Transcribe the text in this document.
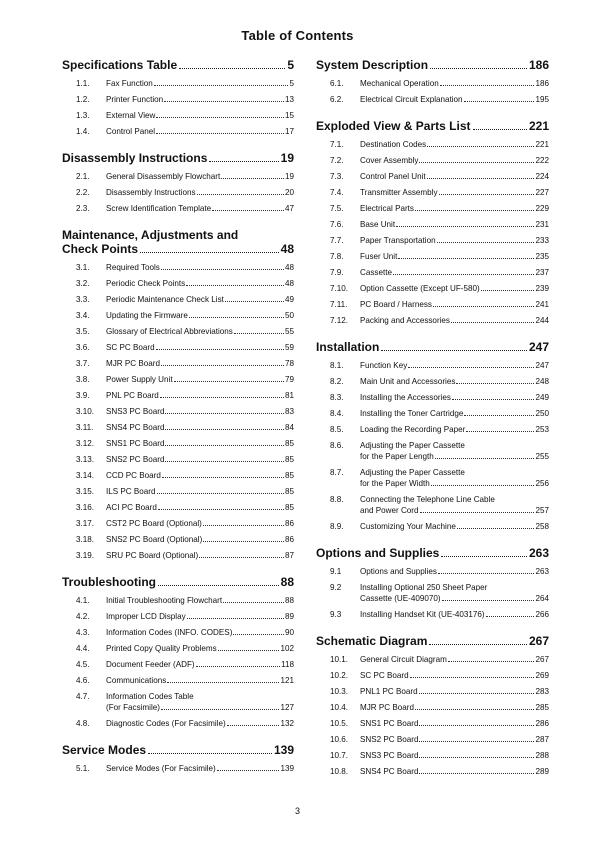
Table of Contents
Specifications Table	5
1.1.	Fax Function	5
1.2.	Printer Function	13
1.3.	External View	15
1.4.	Control Panel	17
Disassembly Instructions	19
2.1.	General Disassembly Flowchart	19
2.2.	Disassembly Instructions	20
2.3.	Screw Identification Template	47
Maintenance, Adjustments and
Check Points	48
3.1.	Required Tools	48
3.2.	Periodic Check Points	48
3.3.	Periodic Maintenance Check List	49
3.4.	Updating the Firmware	50
3.5.	Glossary of Electrical Abbreviations	55
3.6.	SC PC Board	59
3.7.	MJR PC Board	78
3.8.	Power Supply Unit	79
3.9.	PNL PC Board	81
3.10.	SNS3 PC Board	83
3.11.	SNS4 PC Board	84
3.12.	SNS1 PC Board	85
3.13.	SNS2 PC Board	85
3.14.	CCD PC Board	85
3.15.	ILS PC Board	85
3.16.	ACI PC Board	85
3.17.	CST2 PC Board (Optional)	86
3.18.	SNS2 PC Board (Optional)	86
3.19.	SRU PC Board (Optional)	87
Troubleshooting	88
4.1.	Initial Troubleshooting Flowchart	88
4.2.	Improper LCD Display	89
4.3.	Information Codes (INFO. CODES)	90
4.4.	Printed Copy Quality Problems	102
4.5.	Document Feeder (ADF)	118
4.6.	Communications	121
4.7.	Information Codes Table
(For Facsimile)	127
4.8.	Diagnostic Codes (For Facsimile)	132
Service Modes	139
5.1.	Service Modes (For Facsimile)	139
System Description	186
6.1.	Mechanical Operation	186
6.2.	Electrical Circuit Explanation	195
Exploded View & Parts List	221
7.1.	Destination Codes	221
7.2.	Cover Assembly	222
7.3.	Control Panel Unit	224
7.4.	Transmitter Assembly	227
7.5.	Electrical Parts	229
7.6.	Base Unit	231
7.7.	Paper Transportation	233
7.8.	Fuser Unit	235
7.9.	Cassette	237
7.10.	Option Cassette (Except UF-580)	239
7.11.	PC Board / Harness	241
7.12.	Packing and Accessories	244
Installation	247
8.1.	Function Key	247
8.2.	Main Unit and Accessories	248
8.3.	Installing the Accessories	249
8.4.	Installing the Toner Cartridge	250
8.5.	Loading the Recording Paper	253
8.6.	Adjusting the Paper Cassette
for the Paper Length	255
8.7.	Adjusting the Paper Cassette
for the Paper Width	256
8.8.	Connecting the Telephone Line Cable
and Power Cord	257
8.9.	Customizing Your Machine	258
Options and Supplies	263
9.1	Options and Supplies	263
9.2	Installing Optional 250 Sheet Paper
Cassette (UE-409070)	264
9.3	Installing Handset Kit (UE-403176)	266
Schematic Diagram	267
10.1.	General Circuit Diagram	267
10.2.	SC PC Board	269
10.3.	PNL1 PC Board	283
10.4.	MJR PC Board	285
10.5.	SNS1 PC Board	286
10.6.	SNS2 PC Board	287
10.7.	SNS3 PC Board	288
10.8.	SNS4 PC Board	289
3
